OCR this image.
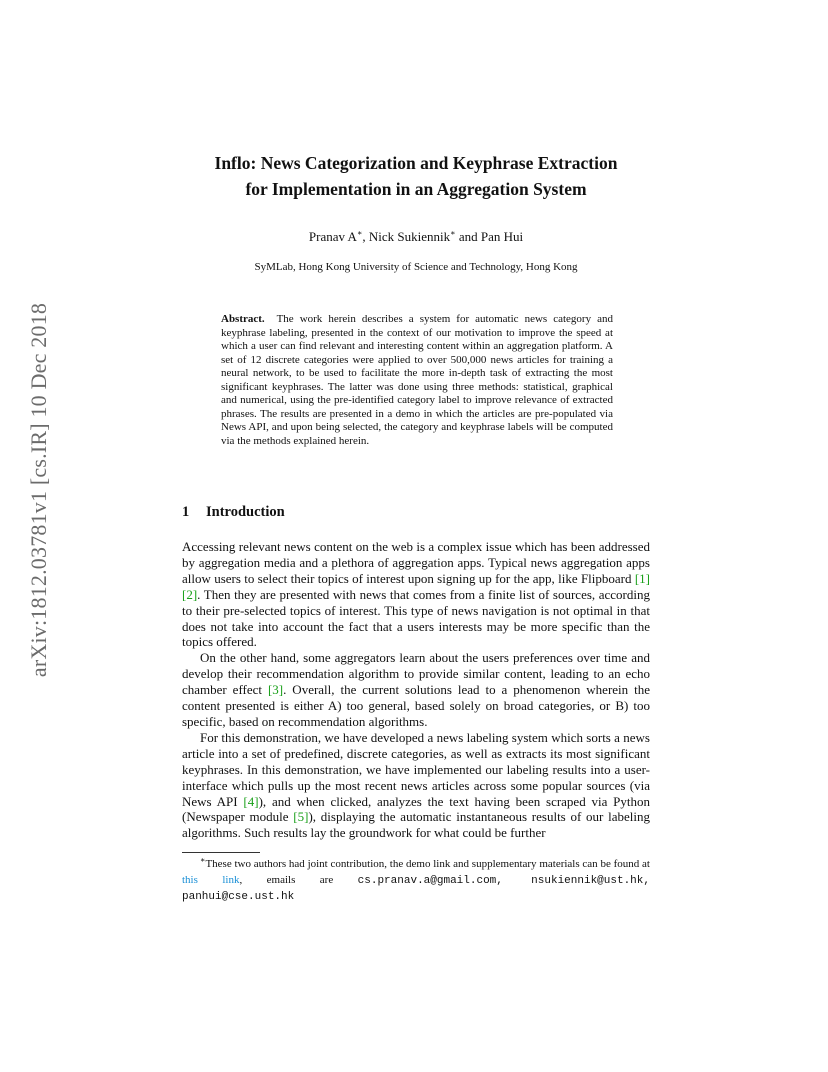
arXiv:1812.03781v1 [cs.IR] 10 Dec 2018
Inflo: News Categorization and Keyphrase Extraction
for Implementation in an Aggregation System
Pranav A∗, Nick Sukiennik∗ and Pan Hui
SyMLab, Hong Kong University of Science and Technology, Hong Kong
Abstract. The work herein describes a system for automatic news category and keyphrase labeling, presented in the context of our motivation to improve the speed at which a user can find relevant and interesting content within an aggregation platform. A set of 12 discrete categories were applied to over 500,000 news articles for training a neural network, to be used to facilitate the more in-depth task of extracting the most significant keyphrases. The latter was done using three methods: statistical, graphical and numerical, using the pre-identified category label to improve relevance of extracted phrases. The results are presented in a demo in which the articles are pre-populated via News API, and upon being selected, the category and keyphrase labels will be computed via the methods explained herein.
1 Introduction

Accessing relevant news content on the web is a complex issue which has been addressed by aggregation media and a plethora of aggregation apps. Typical news aggregation apps allow users to select their topics of interest upon signing up for the app, like Flipboard [1] [2]. Then they are presented with news that comes from a finite list of sources, according to their pre-selected topics of interest. This type of news navigation is not optimal in that does not take into account the fact that a users interests may be more specific than the topics offered.

On the other hand, some aggregators learn about the users preferences over time and develop their recommendation algorithm to provide similar content, leading to an echo chamber effect [3]. Overall, the current solutions lead to a phenomenon wherein the content presented is either A) too general, based solely on broad categories, or B) too specific, based on recommendation algorithms.

For this demonstration, we have developed a news labeling system which sorts a news article into a set of predefined, discrete categories, as well as extracts its most significant keyphrases. In this demonstration, we have implemented our labeling results into a user-interface which pulls up the most recent news articles across some popular sources (via News API [4]), and when clicked, analyzes the text having been scraped via Python (Newspaper module [5]), displaying the automatic instantaneous results of our labeling algorithms. Such results lay the groundwork for what could be further

∗These two authors had joint contribution, the demo link and supplementary materials can be found at this link, emails are cs.pranav.a@gmail.com, nsukiennik@ust.hk, panhui@cse.ust.hk
